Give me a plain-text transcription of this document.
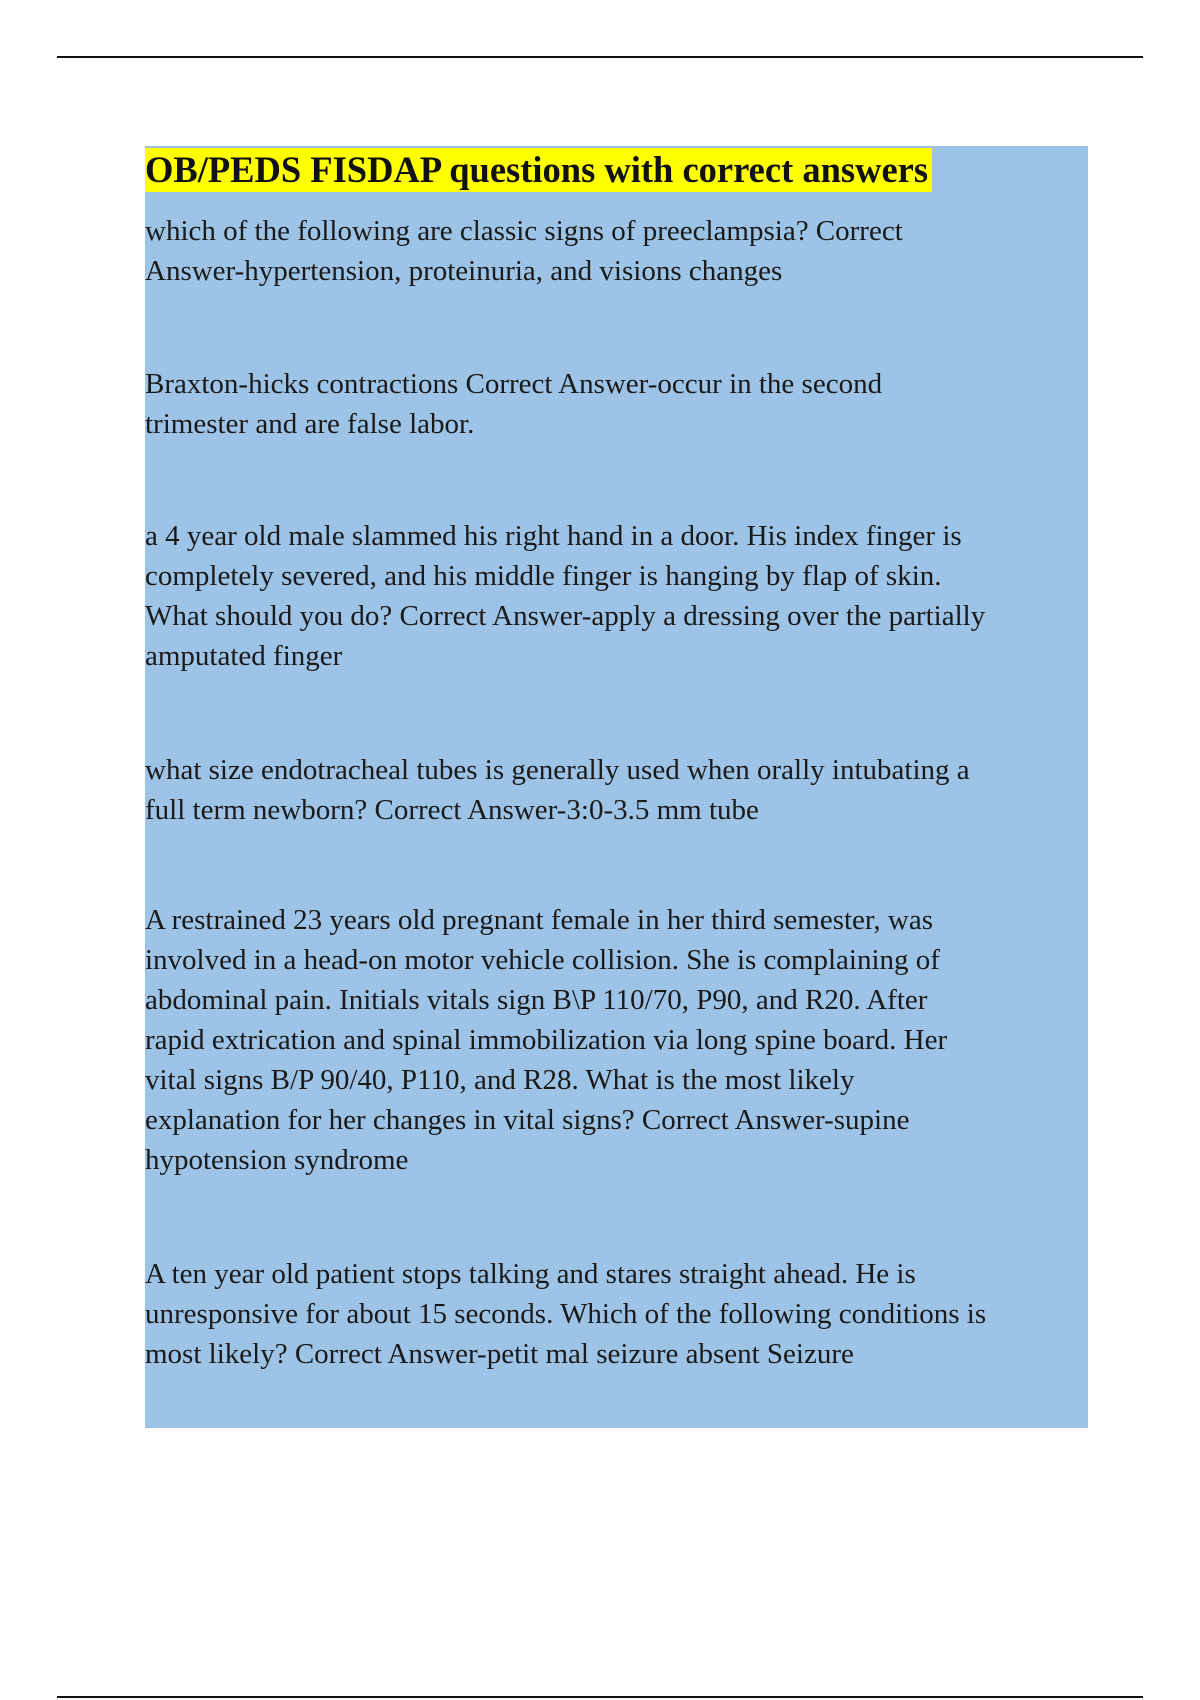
OB/PEDS FISDAP questions with correct answers
which of the following are classic signs of preeclampsia? Correct
Answer-hypertension, proteinuria, and visions changes
Braxton-hicks contractions Correct Answer-occur in the second
trimester and are false labor.
a 4 year old male slammed his right hand in a door. His index finger is
completely severed, and his middle finger is hanging by flap of skin.
What should you do? Correct Answer-apply a dressing over the partially
amputated finger
what size endotracheal tubes is generally used when orally intubating a
full term newborn? Correct Answer-3:0-3.5 mm tube
A restrained 23 years old pregnant female in her third semester, was
involved in a head-on motor vehicle collision. She is complaining of
abdominal pain. Initials vitals sign B\P 110/70, P90, and R20. After
rapid extrication and spinal immobilization via long spine board. Her
vital signs B/P 90/40, P110, and R28. What is the most likely
explanation for her changes in vital signs? Correct Answer-supine
hypotension syndrome
A ten year old patient stops talking and stares straight ahead. He is
unresponsive for about 15 seconds. Which of the following conditions is
most likely? Correct Answer-petit mal seizure absent Seizure
